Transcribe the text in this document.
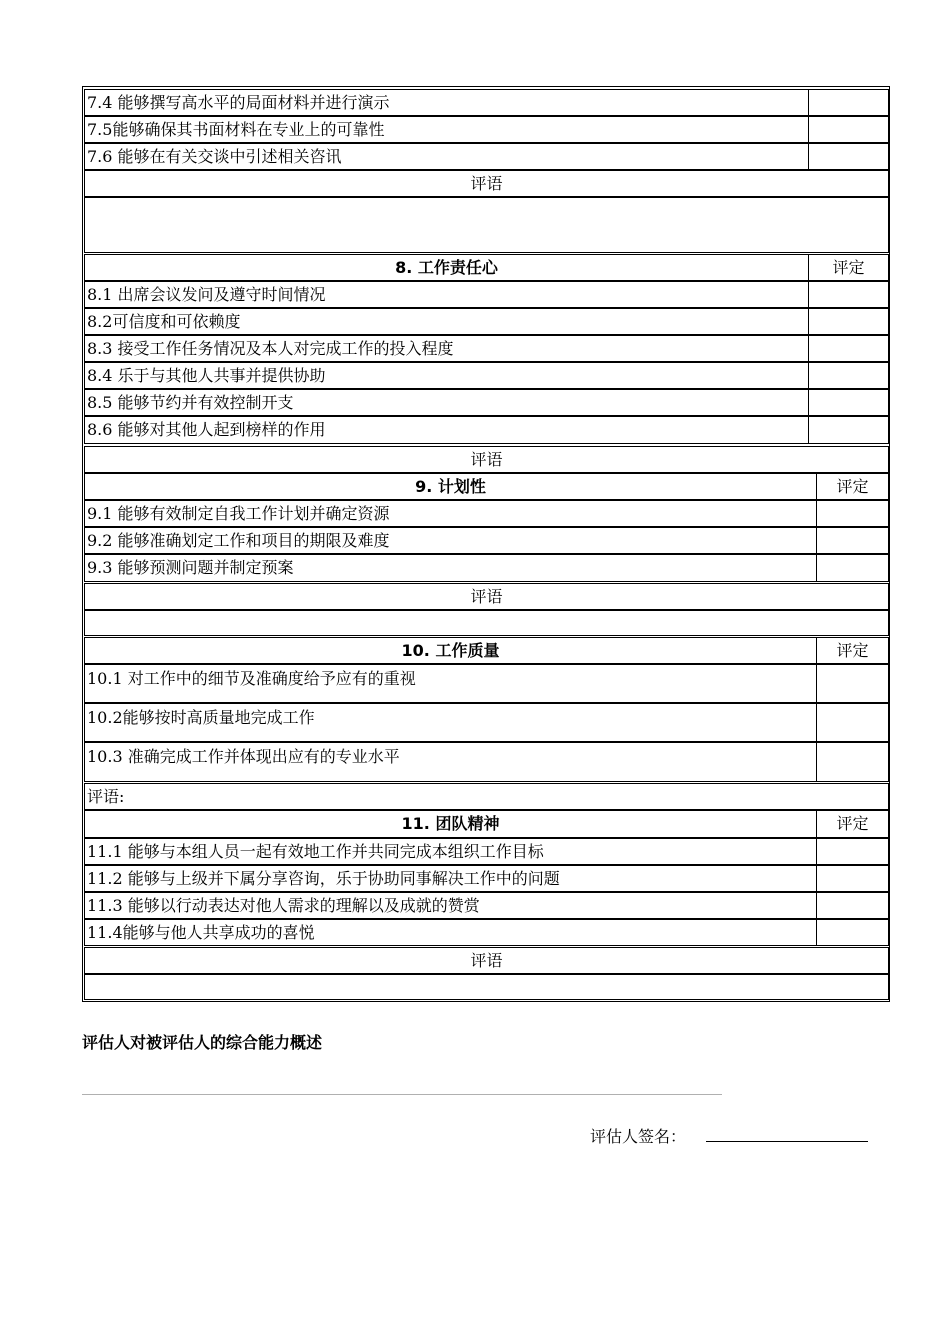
7.4 能够撰写高水平的局面材料并进行演示
7.5能够确保其书面材料在专业上的可靠性
7.6 能够在有关交谈中引述相关咨讯
评语
8. 工作责任心	评定
8.1 出席会议发问及遵守时间情况
8.2可信度和可依赖度
8.3 接受工作任务情况及本人对完成工作的投入程度
8.4 乐于与其他人共事并提供协助
8.5 能够节约并有效控制开支
8.6 能够对其他人起到榜样的作用
评语
9. 计划性	评定
9.1 能够有效制定自我工作计划并确定资源
9.2 能够准确划定工作和项目的期限及难度
9.3 能够预测问题并制定预案
评语
10. 工作质量	评定
10.1 对工作中的细节及准确度给予应有的重视
10.2能够按时高质量地完成工作
10.3 准确完成工作并体现出应有的专业水平
评语:
11. 团队精神	评定
11.1 能够与本组人员一起有效地工作并共同完成本组织工作目标
11.2 能够与上级并下属分享咨询，乐于协助同事解决工作中的问题
11.3 能够以行动表达对他人需求的理解以及成就的赞赏
11.4能够与他人共享成功的喜悦
评语
评估人对被评估人的综合能力概述
评估人签名：
